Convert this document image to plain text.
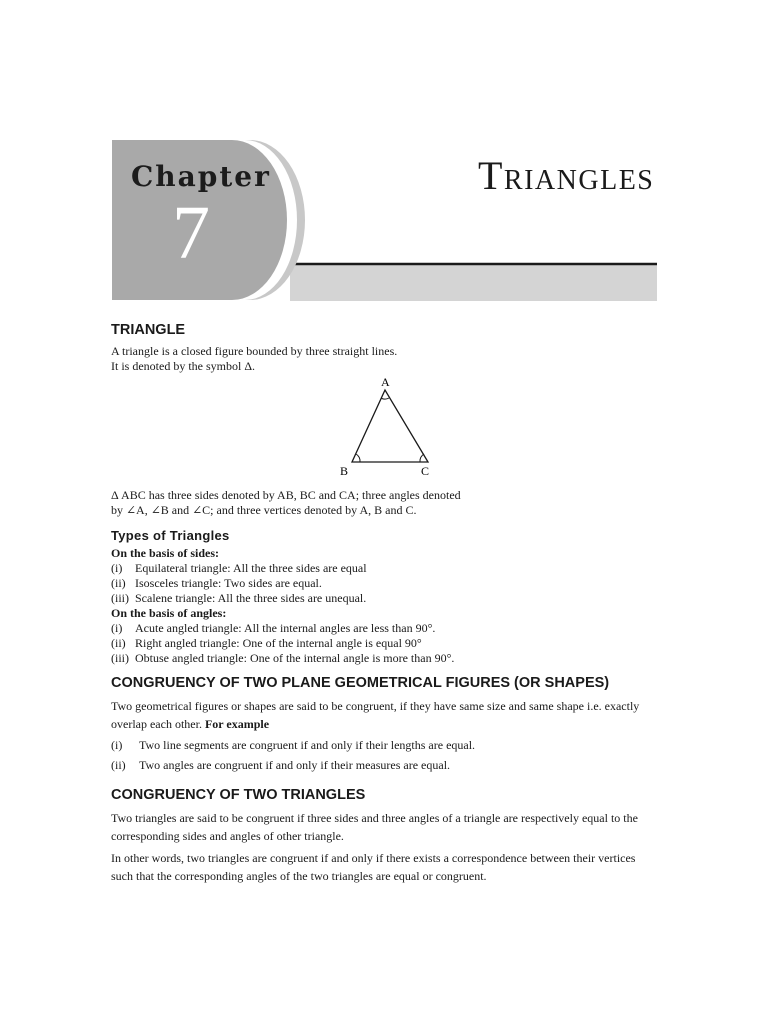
Chapter
7
Triangles
TRIANGLE

A triangle is a closed figure bounded by three straight lines.

It is denoted by the symbol Δ.

A
B	C

Δ ABC has three sides denoted by AB, BC and CA; three angles denoted

by ∠A, ∠B and ∠C; and three vertices denoted by A, B and C.

Types of Triangles
On the basis of sides:
(i)	Equilateral triangle: All the three sides are equal
(ii) Isosceles triangle: Two sides are equal.
(iii) Scalene triangle: All the three sides are unequal.
On the basis of angles:
(i)	Acute angled triangle: All the internal angles are less than 90°.
(ii) Right angled triangle: One of the internal angle is equal 90°
(iii) Obtuse angled triangle: One of the internal angle is more than 90°.
CONGRUENCY OF TWO PLANE GEOMETRICAL FIGURES (OR SHAPES)

Two geometrical figures or shapes are said to be congruent, if they have same size and same shape i.e. exactly overlap each other. For example

(i)	Two line segments are congruent if and only if their lengths are equal.
(ii)	Two angles are congruent if and only if their measures are equal.
CONGRUENCY OF TWO TRIANGLES

Two triangles are said to be congruent if three sides and three angles of a triangle are respectively equal to the corresponding sides and angles of other triangle.

In other words, two triangles are congruent if and only if there exists a correspondence between their vertices such that the corresponding angles of the two triangles are equal or congruent.
